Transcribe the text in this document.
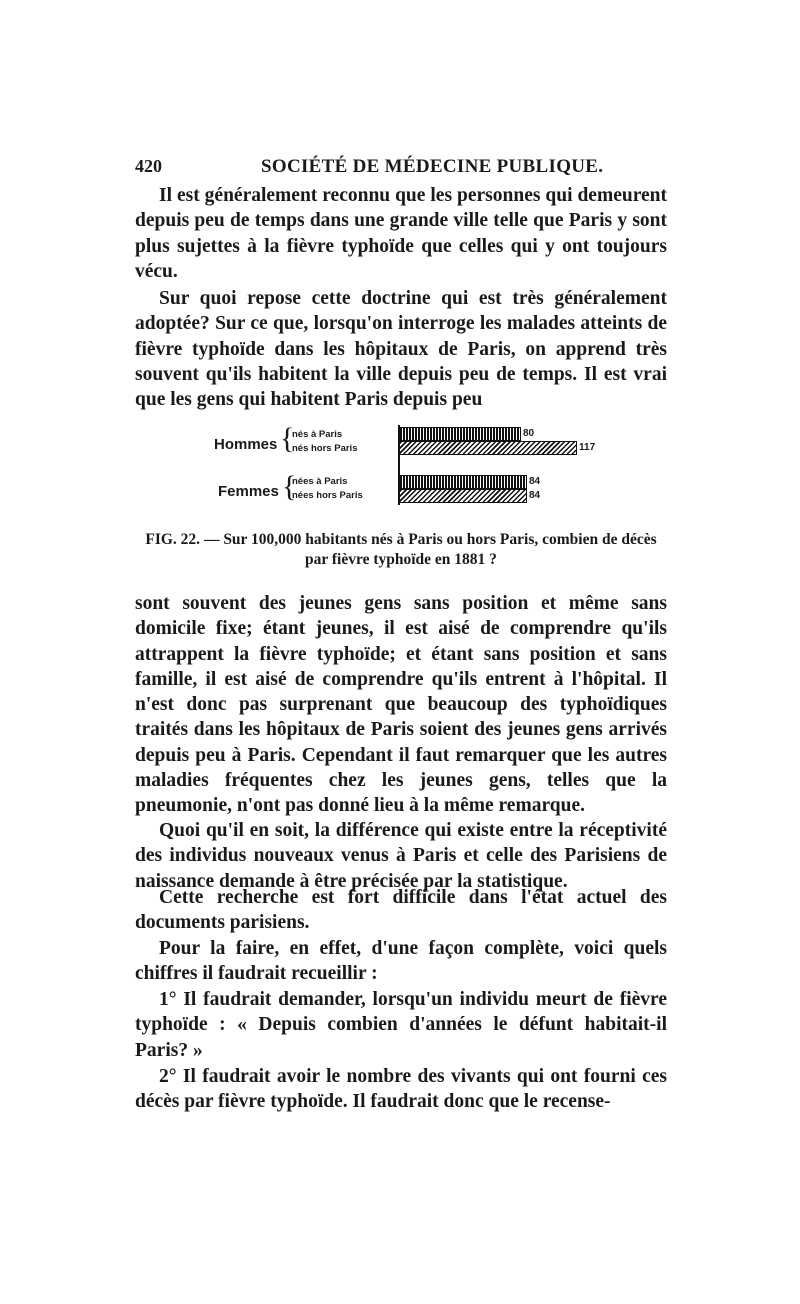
420	SOCIÉTÉ DE MÉDECINE PUBLIQUE.

Il est généralement reconnu que les personnes qui demeurent depuis peu de temps dans une grande ville telle que Paris y sont plus sujettes à la fièvre typhoïde que celles qui y ont toujours vécu.

Sur quoi repose cette doctrine qui est très généralement adoptée? Sur ce que, lorsqu'on interroge les malades atteints de fièvre typhoïde dans les hôpitaux de Paris, on apprend très souvent qu'ils habitent la ville depuis peu de temps. Il est vrai que les gens qui habitent Paris depuis peu

Hommes {
nés à Paris
nés hors Paris
Femmes {
nées à Paris
nées hors Paris
80
117
84
84
FIG. 22. — Sur 100,000 habitants nés à Paris ou hors Paris, combien de décès par fièvre typhoïde en 1881 ?

sont souvent des jeunes gens sans position et même sans domicile fixe; étant jeunes, il est aisé de comprendre qu'ils attrappent la fièvre typhoïde; et étant sans position et sans famille, il est aisé de comprendre qu'ils entrent à l'hôpital. Il n'est donc pas surprenant que beaucoup des typhoïdiques traités dans les hôpitaux de Paris soient des jeunes gens arrivés depuis peu à Paris. Cependant il faut remarquer que les autres maladies fréquentes chez les jeunes gens, telles que la pneumonie, n'ont pas donné lieu à la même remarque.

Quoi qu'il en soit, la différence qui existe entre la réceptivité des individus nouveaux venus à Paris et celle des Parisiens de naissance demande à être précisée par la statistique.

Cette recherche est fort difficile dans l'état actuel des documents parisiens.

Pour la faire, en effet, d'une façon complète, voici quels chiffres il faudrait recueillir :

1° Il faudrait demander, lorsqu'un individu meurt de fièvre typhoïde : « Depuis combien d'années le défunt habitait-il Paris? »

2° Il faudrait avoir le nombre des vivants qui ont fourni ces décès par fièvre typhoïde. Il faudrait donc que le recense-
